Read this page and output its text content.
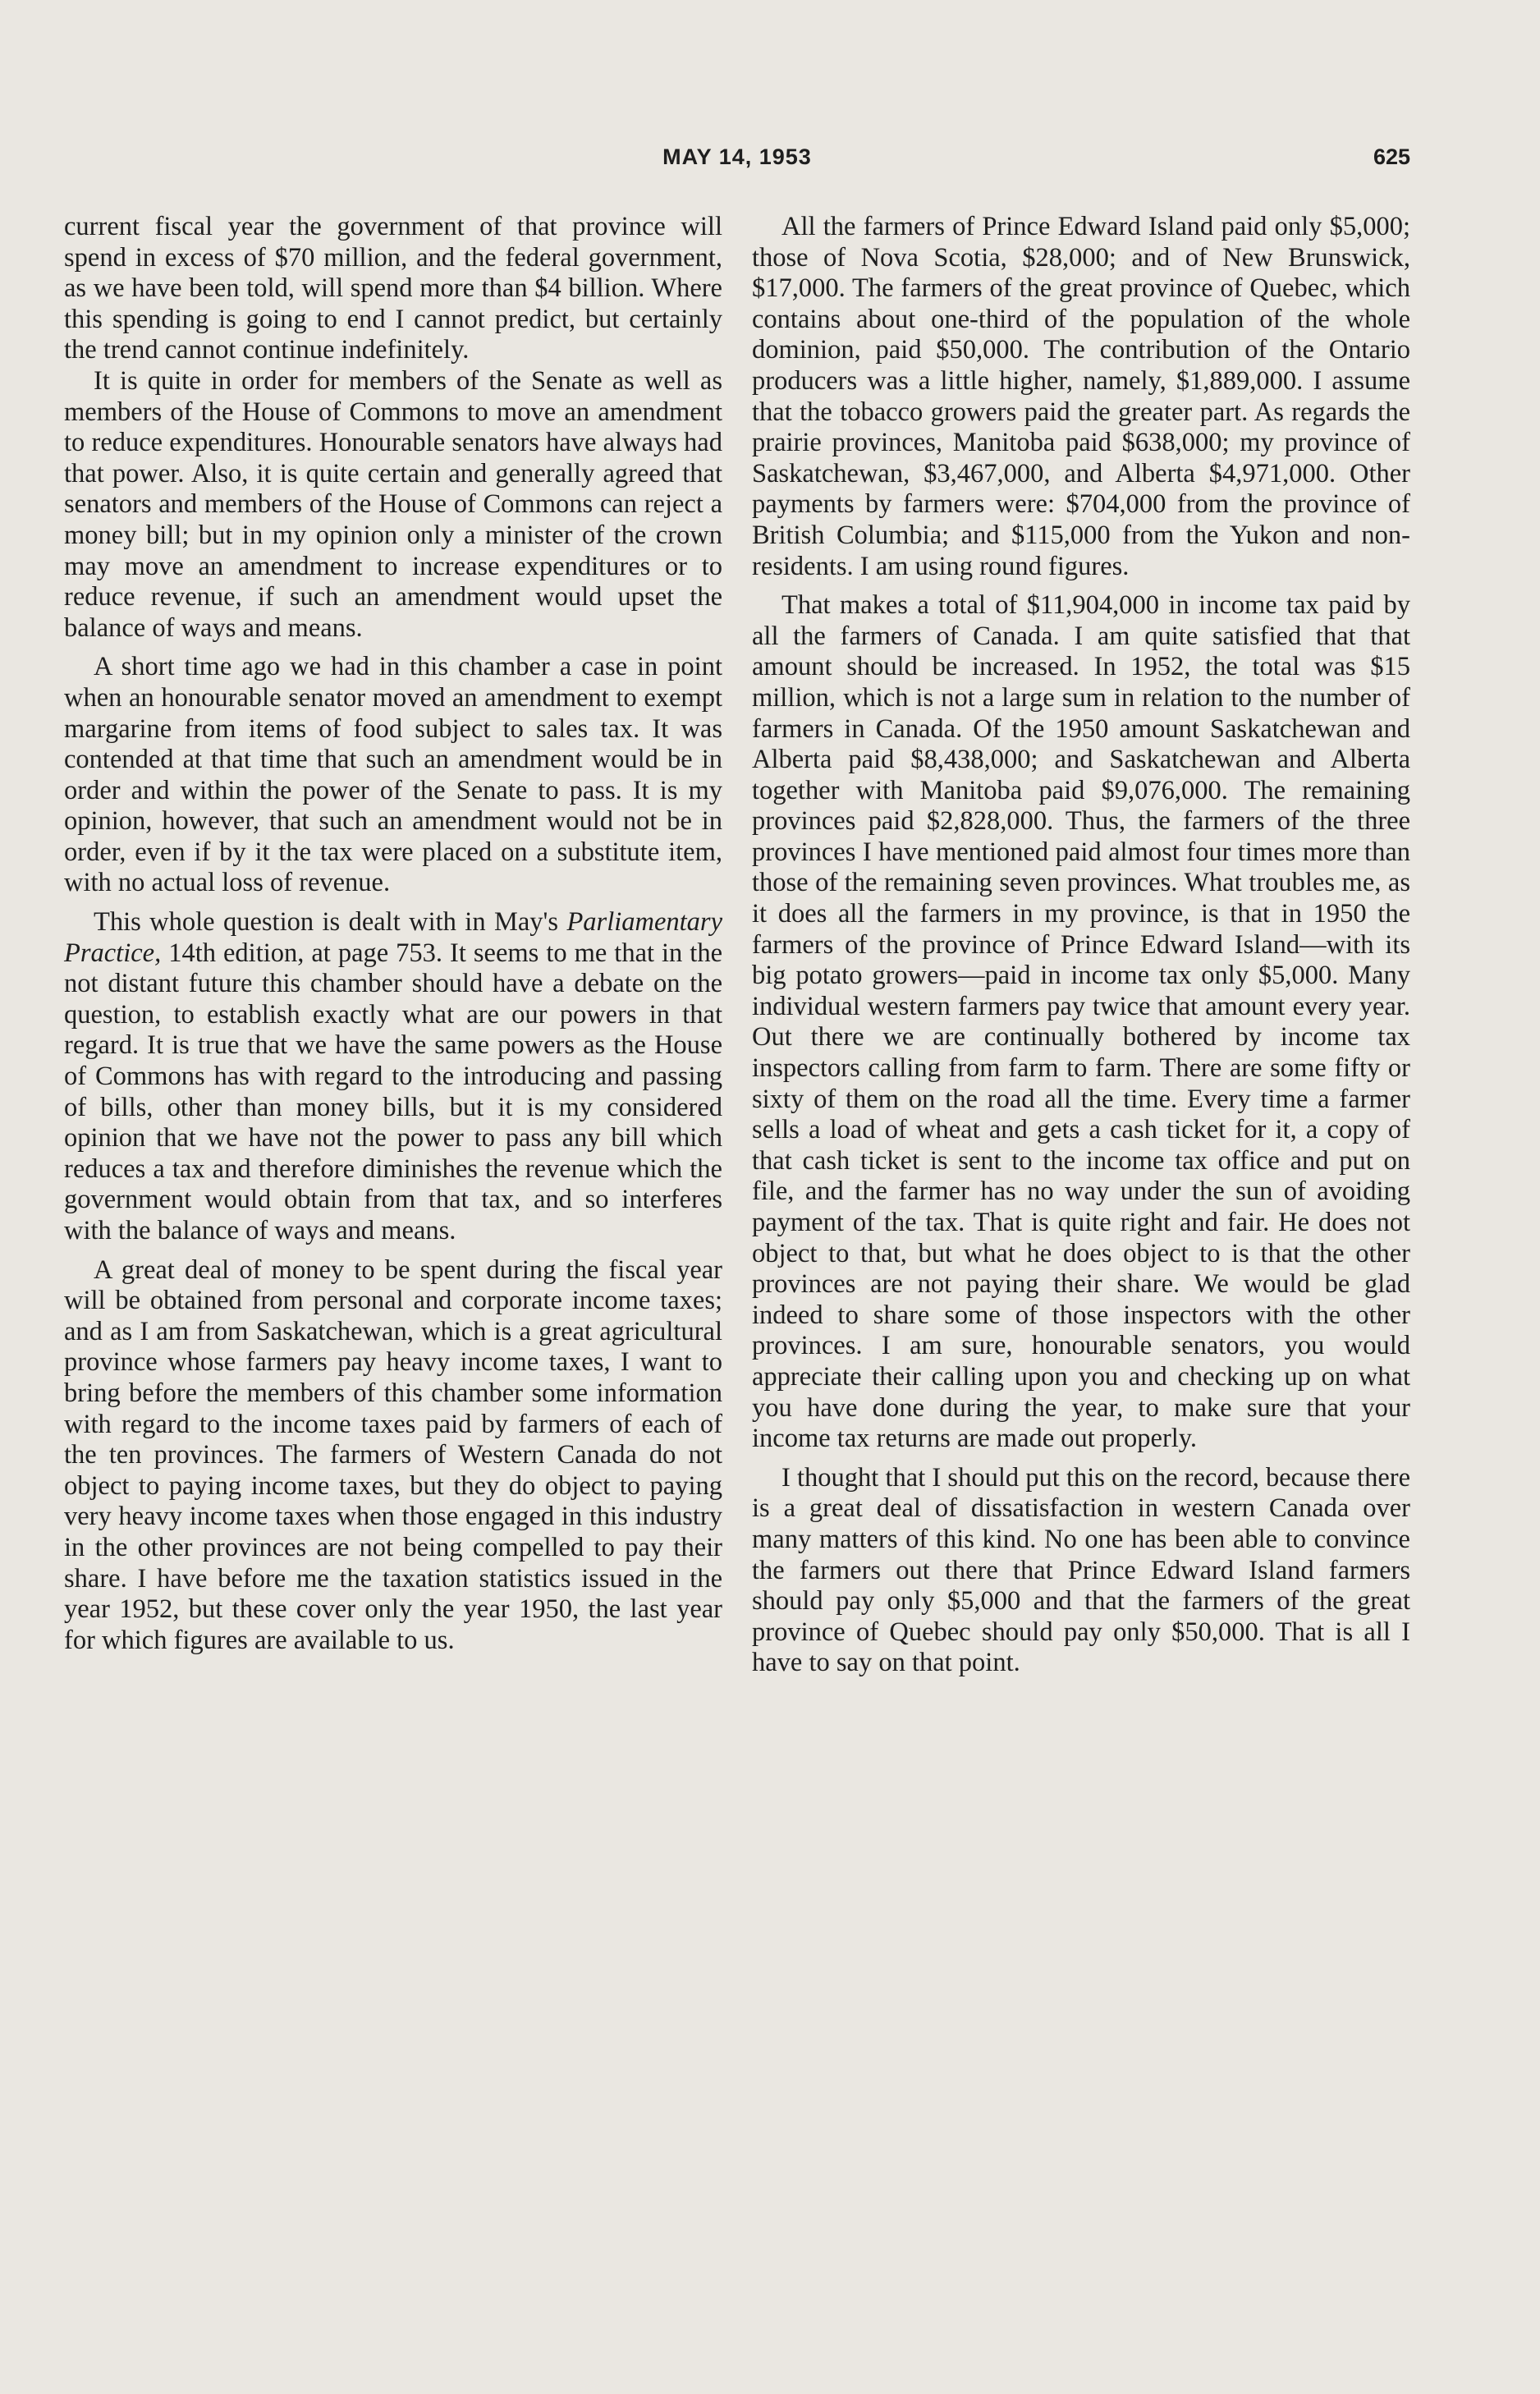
MAY 14, 1953	625

current fiscal year the government of that province will spend in excess of $70 million, and the federal government, as we have been told, will spend more than $4 billion. Where this spending is going to end I cannot predict, but certainly the trend cannot continue indefinitely.

It is quite in order for members of the Senate as well as members of the House of Commons to move an amendment to reduce expenditures. Honourable senators have always had that power. Also, it is quite certain and generally agreed that senators and members of the House of Commons can reject a money bill; but in my opinion only a minister of the crown may move an amendment to increase expenditures or to reduce revenue, if such an amendment would upset the balance of ways and means.

A short time ago we had in this chamber a case in point when an honourable senator moved an amendment to exempt margarine from items of food subject to sales tax. It was contended at that time that such an amendment would be in order and within the power of the Senate to pass. It is my opinion, however, that such an amendment would not be in order, even if by it the tax were placed on a substitute item, with no actual loss of revenue.

This whole question is dealt with in May's Parliamentary Practice, 14th edition, at page 753. It seems to me that in the not distant future this chamber should have a debate on the question, to establish exactly what are our powers in that regard. It is true that we have the same powers as the House of Commons has with regard to the introducing and passing of bills, other than money bills, but it is my considered opinion that we have not the power to pass any bill which reduces a tax and therefore diminishes the revenue which the government would obtain from that tax, and so interferes with the balance of ways and means.

A great deal of money to be spent during the fiscal year will be obtained from personal and corporate income taxes; and as I am from Saskatchewan, which is a great agricultural province whose farmers pay heavy income taxes, I want to bring before the members of this chamber some information with regard to the income taxes paid by farmers of each of the ten provinces. The farmers of Western Canada do not object to paying income taxes, but they do object to paying very heavy income taxes when those engaged in this industry in the other provinces are not being compelled to pay their share. I have before me the taxation statistics issued in the year 1952, but these cover only the year 1950, the last year for which figures are available to us.

All the farmers of Prince Edward Island paid only $5,000; those of Nova Scotia, $28,000; and of New Brunswick, $17,000. The farmers of the great province of Quebec, which contains about one-third of the population of the whole dominion, paid $50,000. The contribution of the Ontario producers was a little higher, namely, $1,889,000. I assume that the tobacco growers paid the greater part. As regards the prairie provinces, Manitoba paid $638,000; my province of Saskatchewan, $3,467,000, and Alberta $4,971,000. Other payments by farmers were: $704,000 from the province of British Columbia; and $115,000 from the Yukon and non-residents. I am using round figures.

That makes a total of $11,904,000 in income tax paid by all the farmers of Canada. I am quite satisfied that that amount should be increased. In 1952, the total was $15 million, which is not a large sum in relation to the number of farmers in Canada. Of the 1950 amount Saskatchewan and Alberta paid $8,438,000; and Saskatchewan and Alberta together with Manitoba paid $9,076,000. The remaining provinces paid $2,828,000. Thus, the farmers of the three provinces I have mentioned paid almost four times more than those of the remaining seven provinces. What troubles me, as it does all the farmers in my province, is that in 1950 the farmers of the province of Prince Edward Island—with its big potato growers—paid in income tax only $5,000. Many individual western farmers pay twice that amount every year. Out there we are continually bothered by income tax inspectors calling from farm to farm. There are some fifty or sixty of them on the road all the time. Every time a farmer sells a load of wheat and gets a cash ticket for it, a copy of that cash ticket is sent to the income tax office and put on file, and the farmer has no way under the sun of avoiding payment of the tax. That is quite right and fair. He does not object to that, but what he does object to is that the other provinces are not paying their share. We would be glad indeed to share some of those inspectors with the other provinces. I am sure, honourable senators, you would appreciate their calling upon you and checking up on what you have done during the year, to make sure that your income tax returns are made out properly.

I thought that I should put this on the record, because there is a great deal of dissatisfaction in western Canada over many matters of this kind. No one has been able to convince the farmers out there that Prince Edward Island farmers should pay only $5,000 and that the farmers of the great province of Quebec should pay only $50,000. That is all I have to say on that point.
